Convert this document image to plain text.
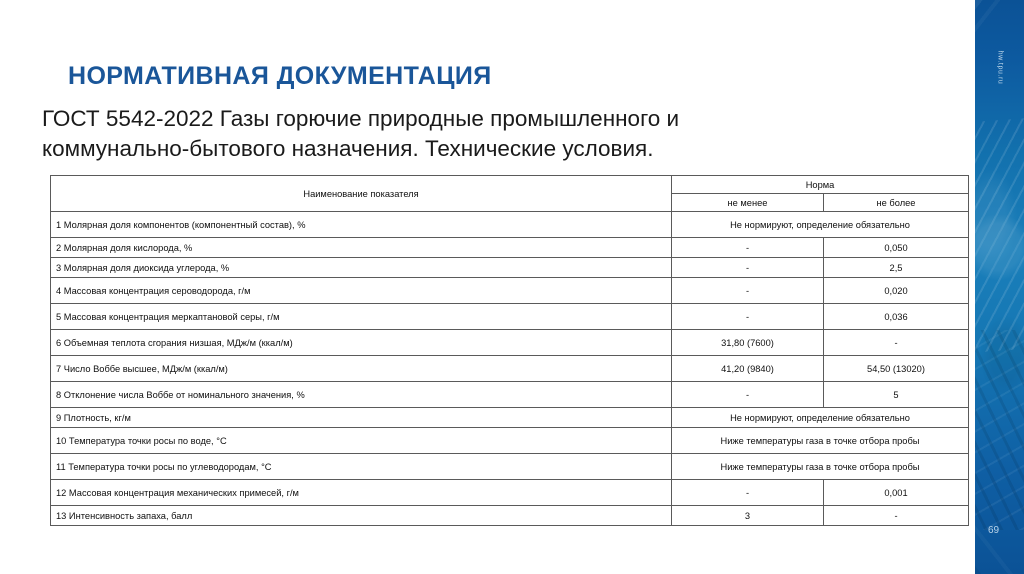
НОРМАТИВНАЯ ДОКУМЕНТАЦИЯ
ГОСТ 5542-2022 Газы горючие природные промышленного и
коммунально-бытового назначения. Технические условия.
Наименование показателя	Норма	
	не менее	не более
1 Молярная доля компонентов (компонентный состав), %	Не нормируют, определение обязательно	
2 Молярная доля кислорода, %	-	0,050
3 Молярная доля диоксида углерода, %	-	2,5
4 Массовая концентрация сероводорода, г/м	-	0,020
5 Массовая концентрация меркаптановой серы, г/м	-	0,036
6 Объемная теплота сгорания низшая, МДж/м (ккал/м)	31,80 (7600)	-
7 Число Воббе высшее, МДж/м (ккал/м)	41,20 (9840)	54,50 (13020)
8 Отклонение числа Воббе от номинального значения, %	-	5
9 Плотность, кг/м	Не нормируют, определение обязательно	
10 Температура точки росы по воде, °С	Ниже температуры газа в точке отбора пробы	
11 Температура точки росы по углеводородам, °С	Ниже температуры газа в точке отбора пробы	
12 Массовая концентрация механических примесей, г/м	-	0,001
13 Интенсивность запаха, балл	3	-
hw.tpu.ru
69
